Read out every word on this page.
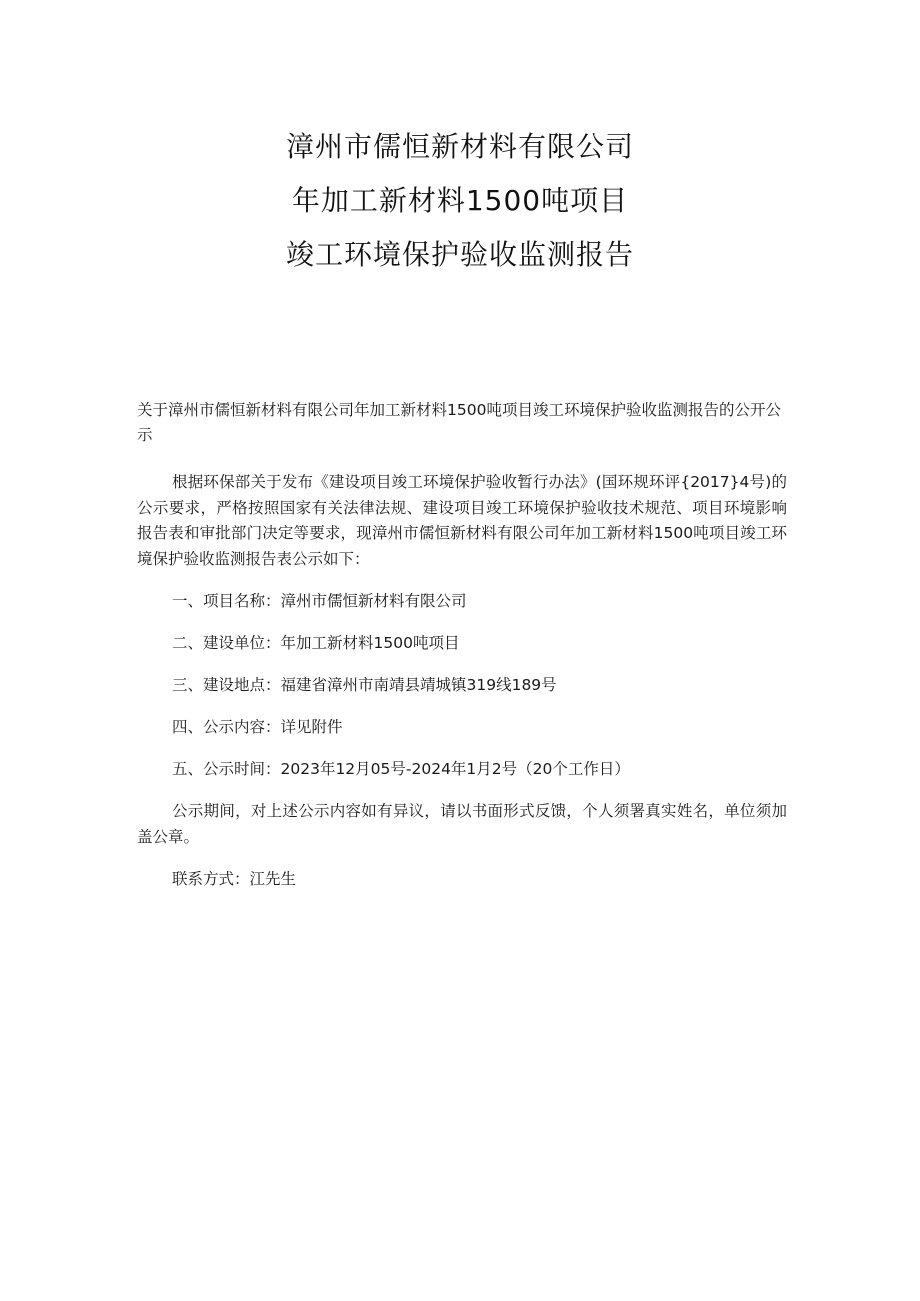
漳州市儒恒新材料有限公司

年加工新材料1500吨项目

竣工环境保护验收监测报告

关于漳州市儒恒新材料有限公司年加工新材料1500吨项目竣工环境保护验收监测报告的公开公示

根据环保部关于发布《建设项目竣工环境保护验收暂行办法》(国环规环评{2017}4号)的公示要求，严格按照国家有关法律法规、建设项目竣工环境保护验收技术规范、项目环境影响报告表和审批部门决定等要求，现漳州市儒恒新材料有限公司年加工新材料1500吨项目竣工环境保护验收监测报告表公示如下：

一、项目名称：漳州市儒恒新材料有限公司

二、建设单位：年加工新材料1500吨项目

三、建设地点：福建省漳州市南靖县靖城镇319线189号

四、公示内容：详见附件

五、公示时间：2023年12月05号-2024年1月2号（20个工作日）

公示期间，对上述公示内容如有异议，请以书面形式反馈，个人须署真实姓名，单位须加盖公章。

联系方式：江先生
